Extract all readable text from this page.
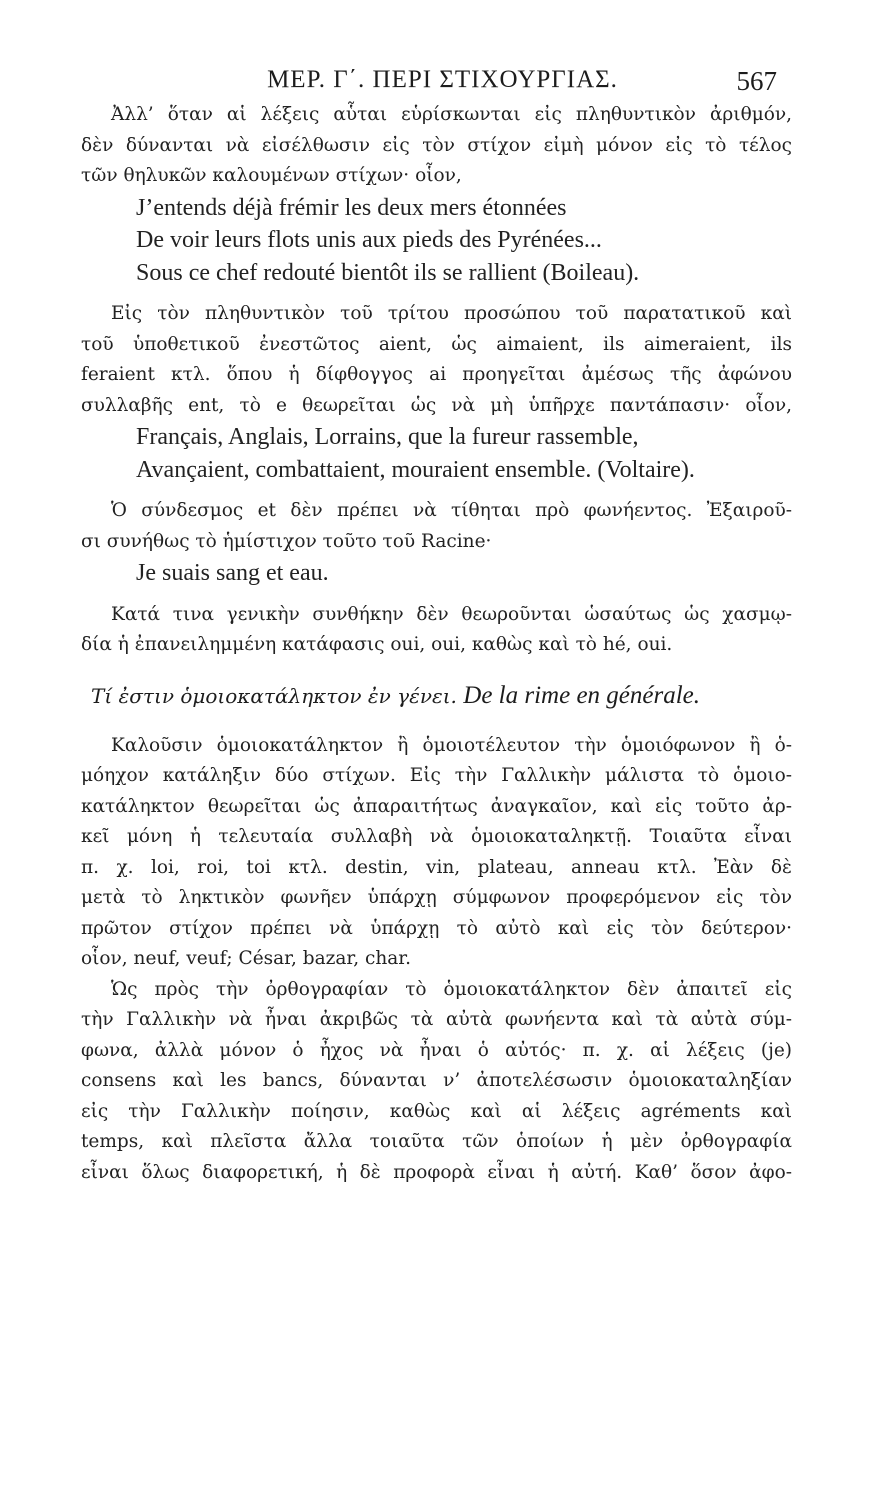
ΜΕΡ. Γ΄. ΠΕΡΙ ΣΤΙΧΟΥΡΓΙΑΣ.	567
Ἀλλ’ ὅταν αἱ λέξεις αὗται εὑρίσκωνται εἰς πληθυντικὸν ἀριθμόν,
δὲν δύνανται νὰ εἰσέλθωσιν εἰς τὸν στίχον εἰμὴ μόνον εἰς τὸ τέλος
τῶν θηλυκῶν καλουμένων στίχων· οἷον,
J’entends déjà frémir les deux mers étonnées
De voir leurs flots unis aux pieds des Pyrénées...
Sous ce chef redouté bientôt ils se rallient (Boileau).
Εἰς τὸν πληθυντικὸν τοῦ τρίτου προσώπου τοῦ παρατατικοῦ καὶ
τοῦ ὑποθετικοῦ ἐνεστῶτος aient, ὡς aimaient, ils aimeraient, ils
feraient κτλ. ὅπου ἡ δίφθογγος ai προηγεῖται ἀμέσως τῆς ἀφώνου
συλλαβῆς ent, τὸ e θεωρεῖται ὡς νὰ μὴ ὑπῆρχε παντάπασιν· οἷον,
Français, Anglais, Lorrains, que la fureur rassemble,
Avançaient, combattaient, mouraient ensemble. (Voltaire).
Ὁ σύνδεσμος et δὲν πρέπει νὰ τίθηται πρὸ φωνήεντος. Ἐξαιροῦ-
σι συνήθως τὸ ἡμίστιχον τοῦτο τοῦ Racine·
Je suais sang et eau.
Κατά τινα γενικὴν συνθήκην δὲν θεωροῦνται ὡσαύτως ὡς χασμῳ-
δία ἡ ἐπανειλημμένη κατάφασις oui, oui, καθὼς καὶ τὸ hé, oui.
Τί ἐστιν ὁμοιοκατάληκτον ἐν γένει. De la rime en générale.
Καλοῦσιν ὁμοιοκατάληκτον ἢ ὁμοιοτέλευτον τὴν ὁμοιόφωνον ἢ ὁ-
μόηχον κατάληξιν δύο στίχων. Εἰς τὴν Γαλλικὴν μάλιστα τὸ ὁμοιο-
κατάληκτον θεωρεῖται ὡς ἀπαραιτήτως ἀναγκαῖον, καὶ εἰς τοῦτο ἀρ-
κεῖ μόνη ἡ τελευταία συλλαβὴ νὰ ὁμοιοκαταληκτῇ. Τοιαῦτα εἶναι
π. χ. loi, roi, toi κτλ. destin, vin, plateau, anneau κτλ. Ἐὰν δὲ
μετὰ τὸ ληκτικὸν φωνῆεν ὑπάρχῃ σύμφωνον προφερόμενον εἰς τὸν
πρῶτον στίχον πρέπει νὰ ὑπάρχῃ τὸ αὐτὸ καὶ εἰς τὸν δεύτερον·
οἷον, neuf, veuf; César, bazar, char.
Ὡς πρὸς τὴν ὀρθογραφίαν τὸ ὁμοιοκατάληκτον δὲν ἀπαιτεῖ εἰς
τὴν Γαλλικὴν νὰ ἦναι ἀκριβῶς τὰ αὐτὰ φωνήεντα καὶ τὰ αὐτὰ σύμ-
φωνα, ἀλλὰ μόνον ὁ ἦχος νὰ ἦναι ὁ αὐτός· π. χ. αἱ λέξεις (je)
consens καὶ les bancs, δύνανται ν’ ἀποτελέσωσιν ὁμοιοκαταληξίαν
εἰς τὴν Γαλλικὴν ποίησιν, καθὼς καὶ αἱ λέξεις agréments καὶ
temps, καὶ πλεῖστα ἄλλα τοιαῦτα τῶν ὁποίων ἡ μὲν ὀρθογραφία
εἶναι ὅλως διαφορετική, ἡ δὲ προφορὰ εἶναι ἡ αὐτή. Καθ’ ὅσον ἀφο-
